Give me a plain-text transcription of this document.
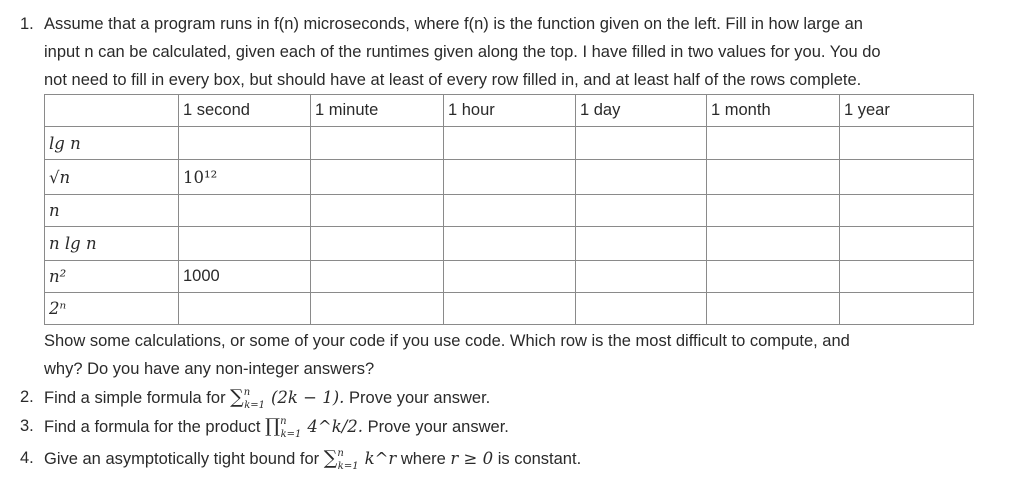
1. Assume that a program runs in f(n) microseconds, where f(n) is the function given on the left. Fill in how large an
input n can be calculated, given each of the runtimes given along the top. I have filled in two values for you. You do
not need to fill in every box, but should have at least of every row filled in, and at least half of the rows complete.
	1 second	1 minute	1 hour	1 day	1 month	1 year
lg n						
√n	10¹²					
n						
n lg n						
n²	1000					
2ⁿ						
Show some calculations, or some of your code if you use code. Which row is the most difficult to compute, and
why? Do you have any non-integer answers?
2. Find a simple formula for ∑$^n_{k=1}$ (2k − 1). Prove your answer.
3. Find a formula for the product ∏$^n_{k=1}$ 4^k/2. Prove your answer.
4. Give an asymptotically tight bound for ∑$^n_{k=1}$ k^r where r ≥ 0 is constant.
